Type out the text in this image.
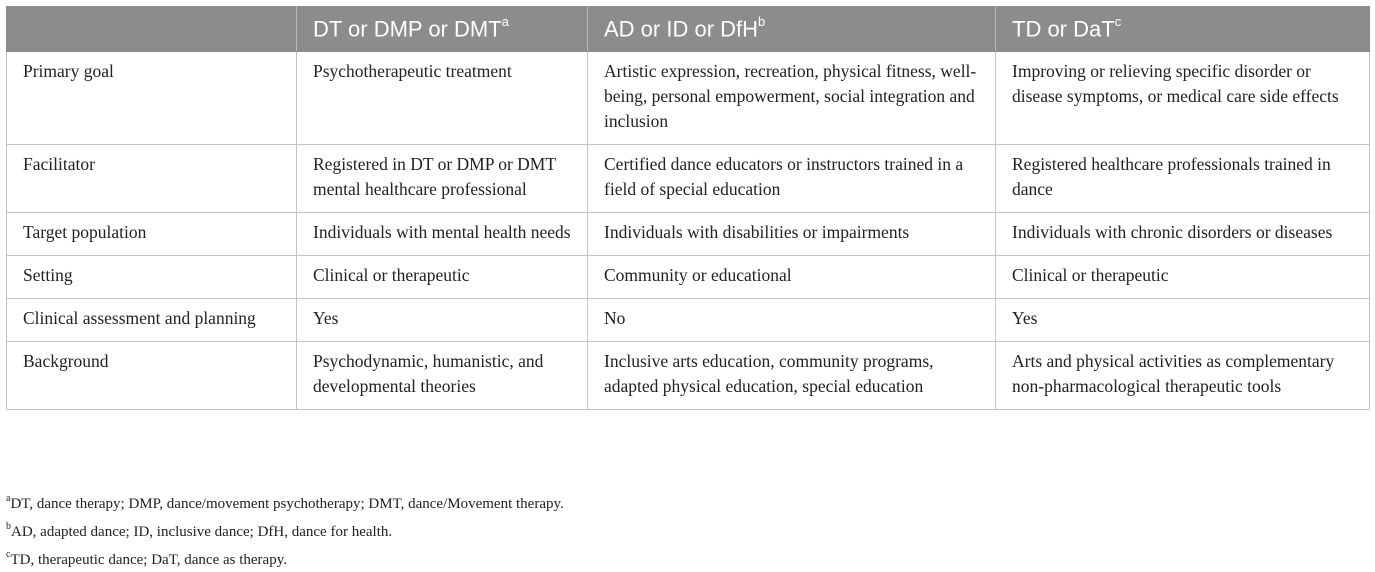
	DT or DMP or DMT$^a$	AD or ID or DfH$^b$	TD or DaT$^c$
Primary goal	Psychotherapeutic treatment	Artistic expression, recreation, physical fitness, well-being, personal empowerment, social integration and inclusion	Improving or relieving specific disorder or disease symptoms, or medical care side effects
Facilitator	Registered in DT or DMP or DMT mental healthcare professional	Certified dance educators or instructors trained in a field of special education	Registered healthcare professionals trained in dance
Target population	Individuals with mental health needs	Individuals with disabilities or impairments	Individuals with chronic disorders or diseases
Setting	Clinical or therapeutic	Community or educational	Clinical or therapeutic
Clinical assessment and planning	Yes	No	Yes
Background	Psychodynamic, humanistic, and developmental theories	Inclusive arts education, community programs, adapted physical education, special education	Arts and physical activities as complementary non-pharmacological therapeutic tools
$^a$DT, dance therapy; DMP, dance/movement psychotherapy; DMT, dance/Movement therapy.
$^b$AD, adapted dance; ID, inclusive dance; DfH, dance for health.
$^c$TD, therapeutic dance; DaT, dance as therapy.
